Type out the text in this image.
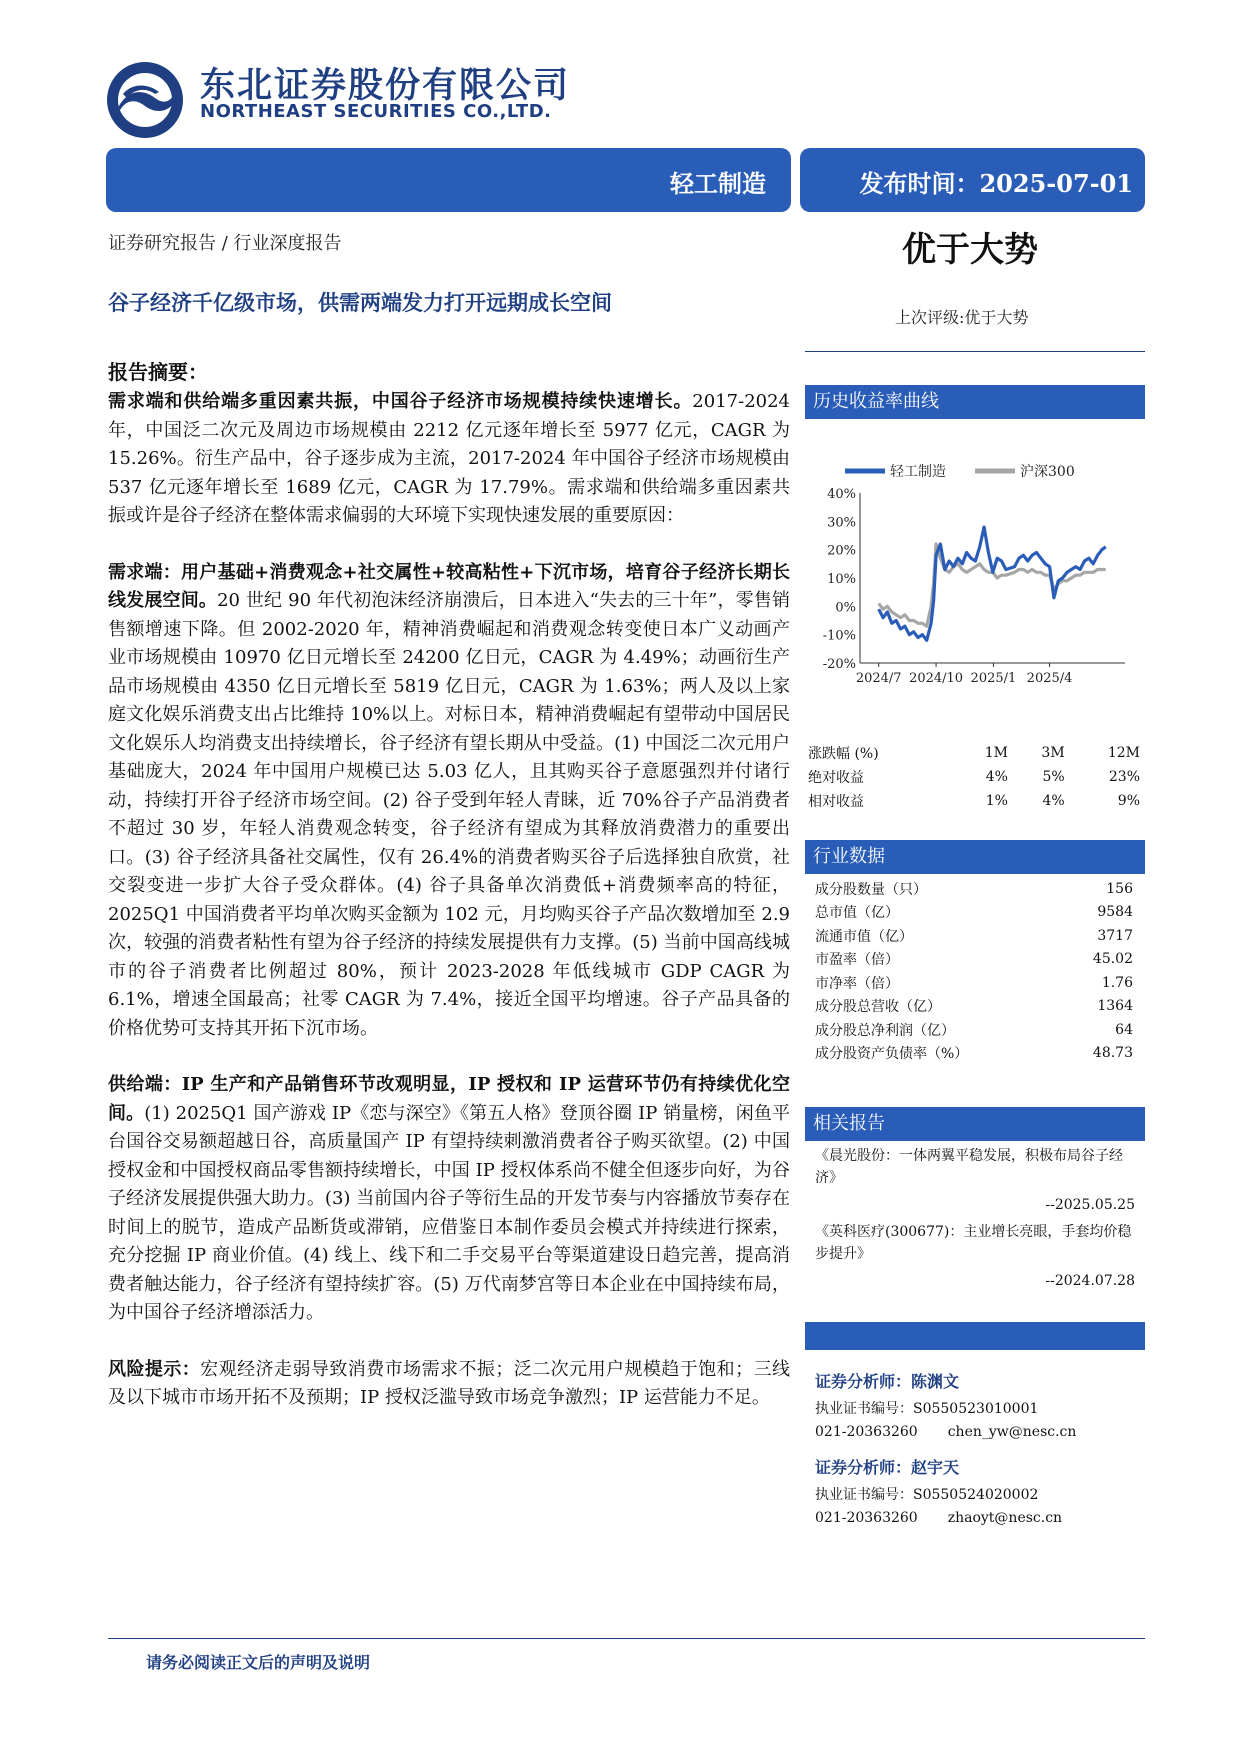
东北证券股份有限公司
NORTHEAST SECURITIES CO.,LTD.
轻工制造	发布时间：2025-07-01
证券研究报告 / 行业深度报告	优于大势
谷子经济千亿级市场，供需两端发力打开远期成长空间
上次评级:优于大势
报告摘要：

需求端和供给端多重因素共振，中国谷子经济市场规模持续快速增长。2017-2024 年，中国泛二次元及周边市场规模由 2212 亿元逐年增长至 5977 亿元，CAGR 为 15.26%。衍生产品中，谷子逐步成为主流，2017-2024 年中国谷子经济市场规模由 537 亿元逐年增长至 1689 亿元，CAGR 为 17.79%。需求端和供给端多重因素共振或许是谷子经济在整体需求偏弱的大环境下实现快速发展的重要原因：

需求端：用户基础+消费观念+社交属性+较高粘性+下沉市场，培育谷子经济长期长线发展空间。20 世纪 90 年代初泡沫经济崩溃后，日本进入“失去的三十年”，零售销售额增速下降。但 2002-2020 年，精神消费崛起和消费观念转变使日本广义动画产业市场规模由 10970 亿日元增长至 24200 亿日元，CAGR 为 4.49%；动画衍生产品市场规模由 4350 亿日元增长至 5819 亿日元，CAGR 为 1.63%；两人及以上家庭文化娱乐消费支出占比维持 10%以上。对标日本，精神消费崛起有望带动中国居民文化娱乐人均消费支出持续增长，谷子经济有望长期从中受益。(1) 中国泛二次元用户基础庞大，2024 年中国用户规模已达 5.03 亿人，且其购买谷子意愿强烈并付诸行动，持续打开谷子经济市场空间。(2) 谷子受到年轻人青睐，近 70%谷子产品消费者不超过 30 岁，年轻人消费观念转变，谷子经济有望成为其释放消费潜力的重要出口。(3) 谷子经济具备社交属性，仅有 26.4%的消费者购买谷子后选择独自欣赏，社交裂变进一步扩大谷子受众群体。(4) 谷子具备单次消费低+消费频率高的特征，2025Q1 中国消费者平均单次购买金额为 102 元，月均购买谷子产品次数增加至 2.9 次，较强的消费者粘性有望为谷子经济的持续发展提供有力支撑。(5) 当前中国高线城市的谷子消费者比例超过 80%，预计 2023-2028 年低线城市 GDP CAGR 为 6.1%，增速全国最高；社零 CAGR 为 7.4%，接近全国平均增速。谷子产品具备的价格优势可支持其开拓下沉市场。

供给端：IP 生产和产品销售环节改观明显，IP 授权和 IP 运营环节仍有持续优化空间。(1) 2025Q1 国产游戏 IP《恋与深空》《第五人格》登顶谷圈 IP 销量榜，闲鱼平台国谷交易额超越日谷，高质量国产 IP 有望持续刺激消费者谷子购买欲望。(2) 中国授权金和中国授权商品零售额持续增长，中国 IP 授权体系尚不健全但逐步向好，为谷子经济发展提供强大助力。(3) 当前国内谷子等衍生品的开发节奏与内容播放节奏存在时间上的脱节，造成产品断货或滞销，应借鉴日本制作委员会模式并持续进行探索，充分挖掘 IP 商业价值。(4) 线上、线下和二手交易平台等渠道建设日趋完善，提高消费者触达能力，谷子经济有望持续扩容。(5) 万代南梦宫等日本企业在中国持续布局，为中国谷子经济增添活力。

风险提示：宏观经济走弱导致消费市场需求不振；泛二次元用户规模趋于饱和；三线及以下城市市场开拓不及预期；IP 授权泛滥导致市场竞争激烈；IP 运营能力不足。

历史收益率曲线
轻工制造	沪深300
40%
30%
20%
10%
0%
-10%
-20%
2024/7 2024/10 2025/1 2025/4
涨跌幅 (%)	1M	3M	12M
绝对收益	4%	5%	23%
相对收益	1%	4%	9%
行业数据
成分股数量（只）	156
总市值（亿）	9584
流通市值（亿）	3717
市盈率（倍）	45.02
市净率（倍）	1.76
成分股总营收（亿）	1364
成分股总净利润（亿）	64
成分股资产负债率（%）	48.73
相关报告
《晨光股份：一体两翼平稳发展，积极布局谷子经济》
--2025.05.25
《英科医疗(300677)：主业增长亮眼，手套均价稳步提升》
--2024.07.28
证券分析师：陈渊文
执业证书编号：S0550523010001
021-20363260 chen_yw@nesc.cn
证券分析师：赵宇天
执业证书编号：S0550524020002
021-20363260 zhaoyt@nesc.cn
请务必阅读正文后的声明及说明
